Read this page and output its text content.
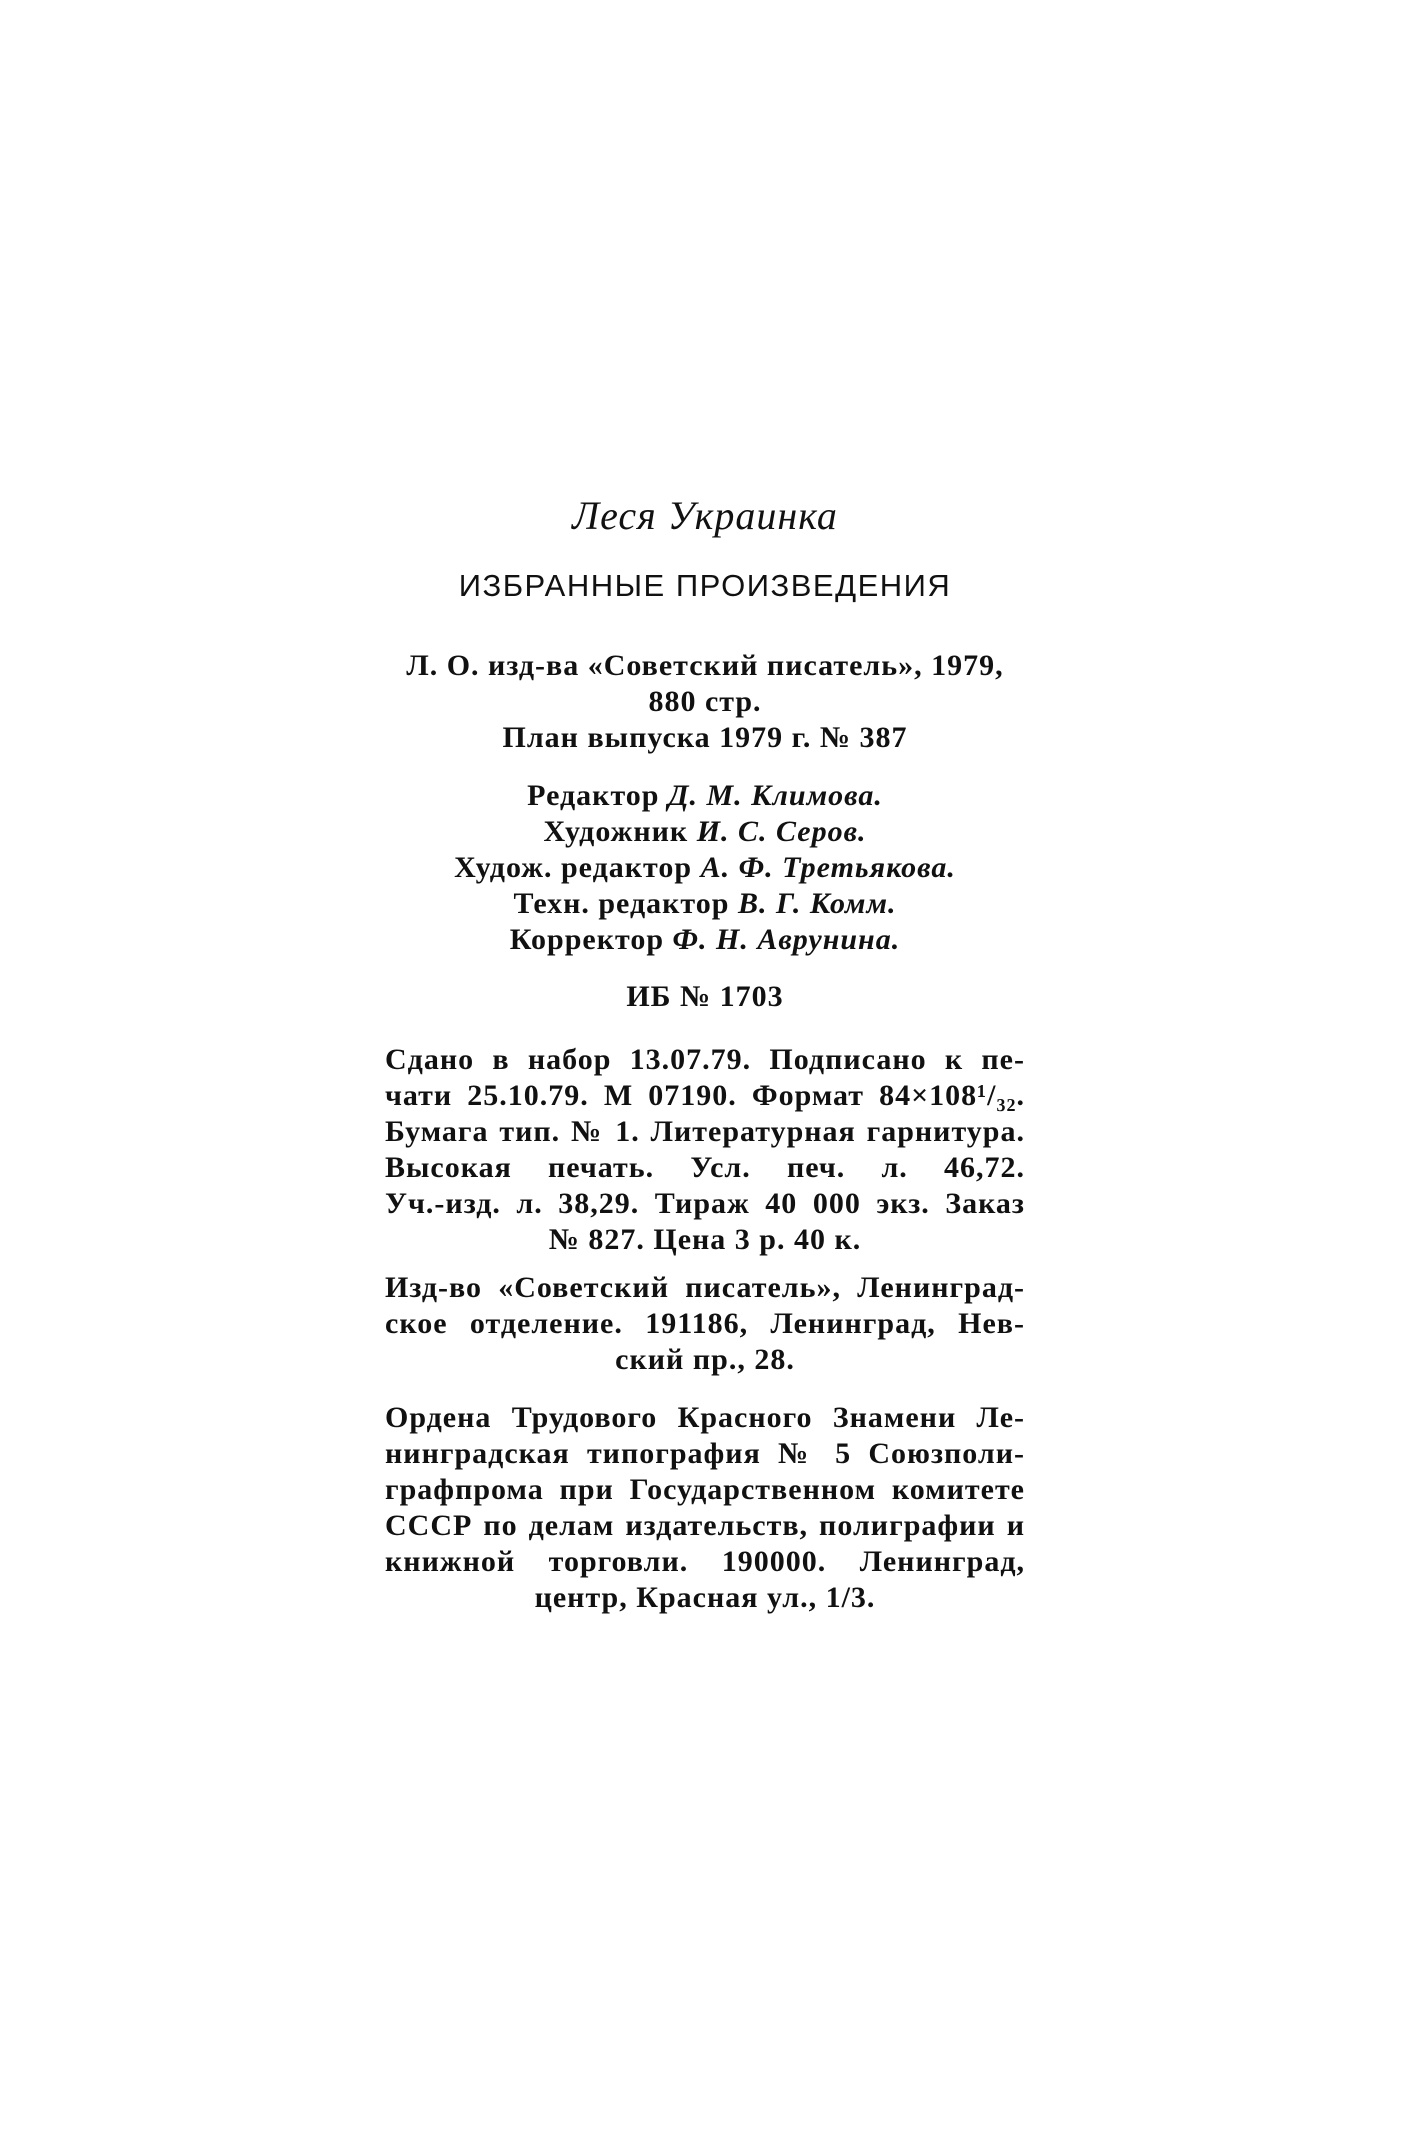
Леся Украинка
ИЗБРАННЫЕ ПРОИЗВЕДЕНИЯ
Л. О. изд-ва «Советский писатель», 1979,
880 стр.
План выпуска 1979 г. № 387
Редактор Д. М. Климова.
Художник И. С. Серов.
Худож. редактор А. Ф. Третьякова.
Техн. редактор В. Г. Комм.
Корректор Ф. Н. Аврунина.
ИБ № 1703
Сдано в набор 13.07.79. Подписано к пе-
чати 25.10.79. М 07190. Формат 84×108¹/₃₂.
Бумага тип. № 1. Литературная гарнитура.
Высокая печать. Усл. печ. л. 46,72.
Уч.-изд. л. 38,29. Тираж 40 000 экз. Заказ
№ 827. Цена 3 р. 40 к.
Изд-во «Советский писатель», Ленинград-
ское отделение. 191186, Ленинград, Нев-
ский пр., 28.
Ордена Трудового Красного Знамени Ле-
нинградская типография № 5 Союзполи-
графпрома при Государственном комитете
СССР по делам издательств, полиграфии и
книжной торговли. 190000. Ленинград,
центр, Красная ул., 1/3.
